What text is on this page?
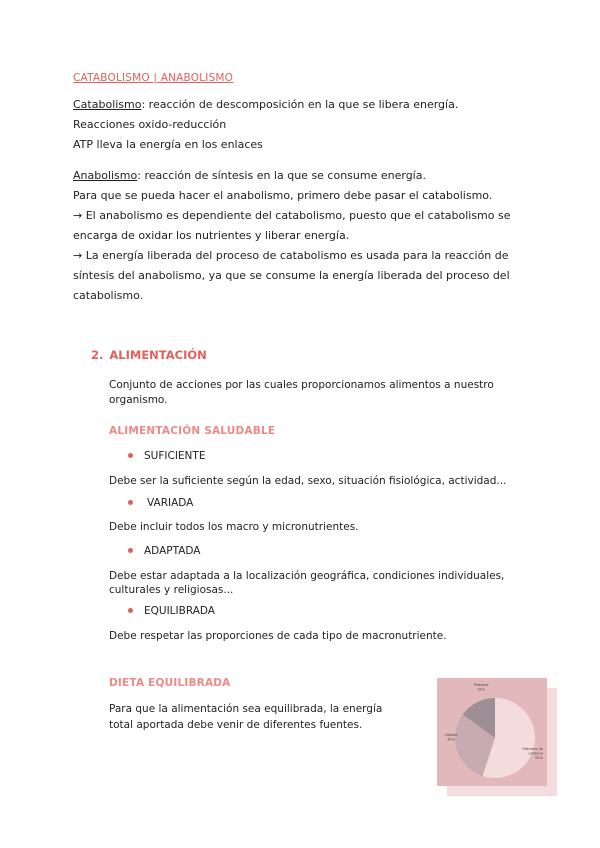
CATABOLISMO | ANABOLISMO
Catabolismo: reacción de descomposición en la que se libera energía.
Reacciones oxido-reducción
ATP lleva la energía en los enlaces
Anabolismo: reacción de síntesis en la que se consume energía.
Para que se pueda hacer el anabolismo, primero debe pasar el catabolismo.
→ El anabolismo es dependiente del catabolismo, puesto que el catabolismo se
encarga de oxidar los nutrientes y liberar energía.
→ La energía liberada del proceso de catabolismo es usada para la reacción de
síntesis del anabolismo, ya que se consume la energía liberada del proceso del
catabolismo.
2. ALIMENTACIÓN
Conjunto de acciones por las cuales proporcionamos alimentos a nuestro
organismo.
ALIMENTACIÓN SALUDABLE
SUFICIENTE
Debe ser la suficiente según la edad, sexo, situación fisiológica, actividad...
VARIADA
Debe incluir todos los macro y micronutrientes.
ADAPTADA
Debe estar adaptada a la localización geográfica, condiciones individuales,
culturales y religiosas...
EQUILIBRADA
Debe respetar las proporciones de cada tipo de macronutriente.
DIETA EQUILIBRADA
Para que la alimentación sea equilibrada, la energía
total aportada debe venir de diferentes fuentes.
Proteína 15%
Lípidos 30%
Hidratos de carbono 55%
